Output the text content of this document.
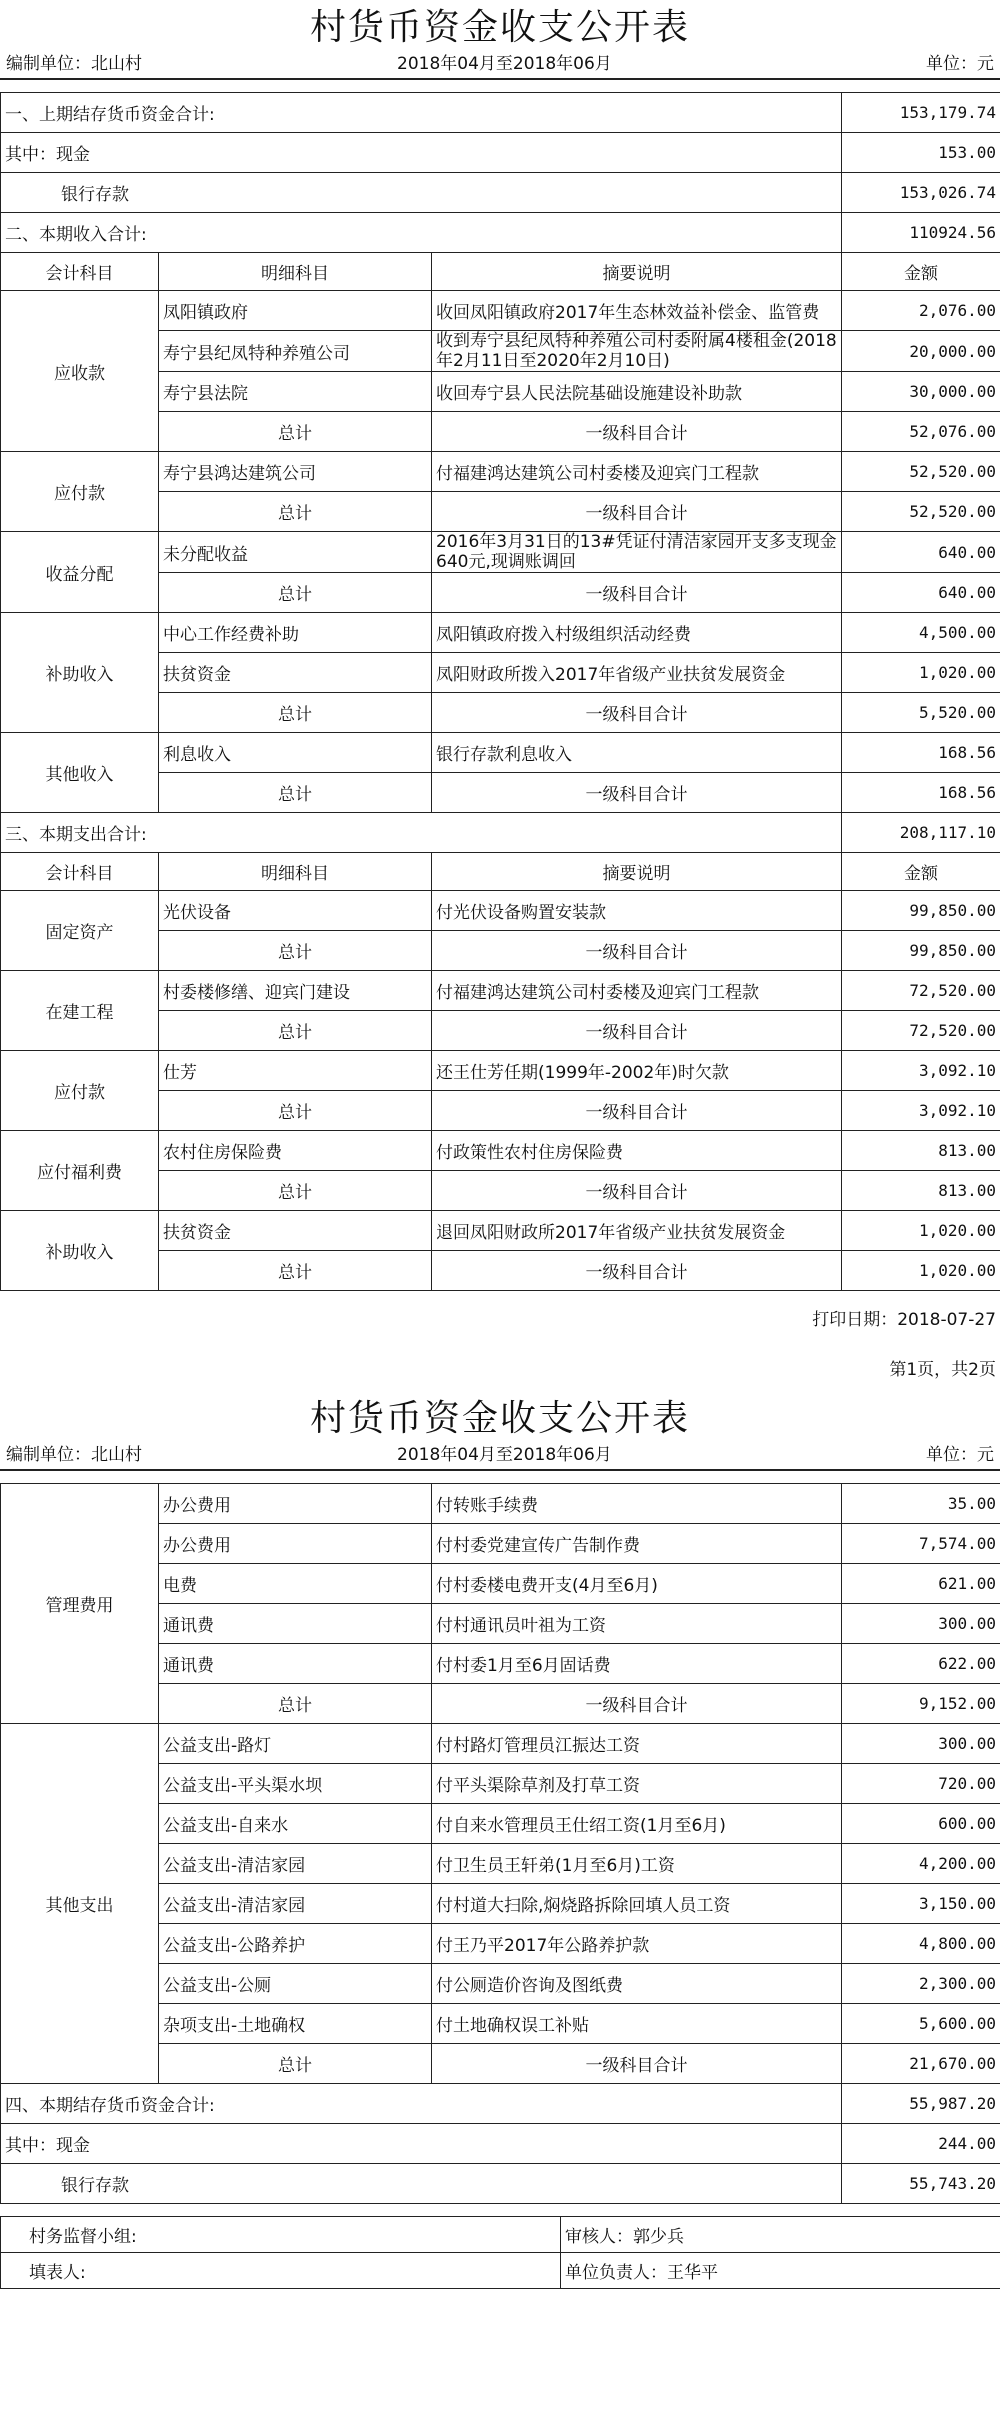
村货币资金收支公开表
编制单位：北山村	2018年04月至2018年06月	单位：元
一、上期结存货币资金合计:			153,179.74
其中：现金			153.00
银行存款			153,026.74
二、本期收入合计:			110924.56
会计科目	明细科目	摘要说明	金额
应收款	凤阳镇政府	收回凤阳镇政府2017年生态林效益补偿金、监管费	2,076.00
	寿宁县纪凤特种养殖公司	收到寿宁县纪凤特种养殖公司村委附属4楼租金(2018年2月11日至2020年2月10日)	20,000.00
	寿宁县法院	收回寿宁县人民法院基础设施建设补助款	30,000.00
	总计	一级科目合计	52,076.00
应付款	寿宁县鸿达建筑公司	付福建鸿达建筑公司村委楼及迎宾门工程款	52,520.00
	总计	一级科目合计	52,520.00
收益分配	未分配收益	2016年3月31日的13#凭证付清洁家园开支多支现金640元,现调账调回	640.00
	总计	一级科目合计	640.00
补助收入	中心工作经费补助	凤阳镇政府拨入村级组织活动经费	4,500.00
	扶贫资金	凤阳财政所拨入2017年省级产业扶贫发展资金	1,020.00
	总计	一级科目合计	5,520.00
其他收入	利息收入	银行存款利息收入	168.56
	总计	一级科目合计	168.56
三、本期支出合计:			208,117.10
会计科目	明细科目	摘要说明	金额
固定资产	光伏设备	付光伏设备购置安装款	99,850.00
	总计	一级科目合计	99,850.00
在建工程	村委楼修缮、迎宾门建设	付福建鸿达建筑公司村委楼及迎宾门工程款	72,520.00
	总计	一级科目合计	72,520.00
应付款	仕芳	还王仕芳任期(1999年-2002年)时欠款	3,092.10
	总计	一级科目合计	3,092.10
应付福利费	农村住房保险费	付政策性农村住房保险费	813.00
	总计	一级科目合计	813.00
补助收入	扶贫资金	退回凤阳财政所2017年省级产业扶贫发展资金	1,020.00
	总计	一级科目合计	1,020.00
打印日期：2018-07-27
第1页，共2页
村货币资金收支公开表
编制单位：北山村	2018年04月至2018年06月	单位：元
管理费用	办公费用	付转账手续费	35.00
	办公费用	付村委党建宣传广告制作费	7,574.00
	电费	付村委楼电费开支(4月至6月)	621.00
	通讯费	付村通讯员叶祖为工资	300.00
	通讯费	付村委1月至6月固话费	622.00
	总计	一级科目合计	9,152.00
其他支出	公益支出-路灯	付村路灯管理员江振达工资	300.00
	公益支出-平头渠水坝	付平头渠除草剂及打草工资	720.00
	公益支出-自来水	付自来水管理员王仕绍工资(1月至6月)	600.00
	公益支出-清洁家园	付卫生员王轩弟(1月至6月)工资	4,200.00
	公益支出-清洁家园	付村道大扫除,焖烧路拆除回填人员工资	3,150.00
	公益支出-公路养护	付王乃平2017年公路养护款	4,800.00
	公益支出-公厕	付公厕造价咨询及图纸费	2,300.00
	杂项支出-土地确权	付土地确权误工补贴	5,600.00
	总计	一级科目合计	21,670.00
四、本期结存货币资金合计:			55,987.20
其中：现金			244.00
银行存款			55,743.20
村务监督小组:	审核人：郭少兵
填表人:	单位负责人：王华平
